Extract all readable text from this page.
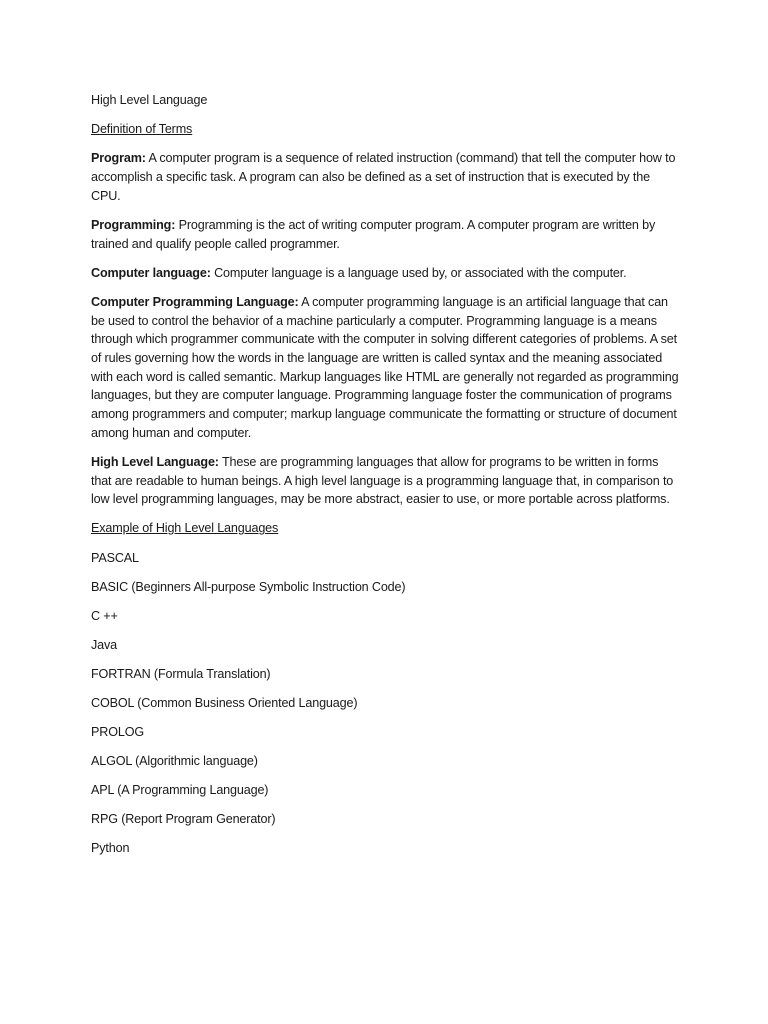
High Level Language

Definition of Terms

Program: A computer program is a sequence of related instruction (command) that tell the computer how to accomplish a specific task. A program can also be defined as a set of instruction that is executed by the CPU.

Programming: Programming is the act of writing computer program. A computer program are written by trained and qualify people called programmer.

Computer language: Computer language is a language used by, or associated with the computer.

Computer Programming Language: A computer programming language is an artificial language that can be used to control the behavior of a machine particularly a computer. Programming language is a means through which programmer communicate with the computer in solving different categories of problems. A set of rules governing how the words in the language are written is called syntax and the meaning associated with each word is called semantic. Markup languages like HTML are generally not regarded as programming languages, but they are computer language. Programming language foster the communication of programs among programmers and computer; markup language communicate the formatting or structure of document among human and computer.

High Level Language: These are programming languages that allow for programs to be written in forms that are readable to human beings. A high level language is a programming language that, in comparison to low level programming languages, may be more abstract, easier to use, or more portable across platforms.

Example of High Level Languages

PASCAL

BASIC (Beginners All-purpose Symbolic Instruction Code)

C ++

Java

FORTRAN (Formula Translation)

COBOL (Common Business Oriented Language)

PROLOG

ALGOL (Algorithmic language)

APL (A Programming Language)

RPG (Report Program Generator)

Python
